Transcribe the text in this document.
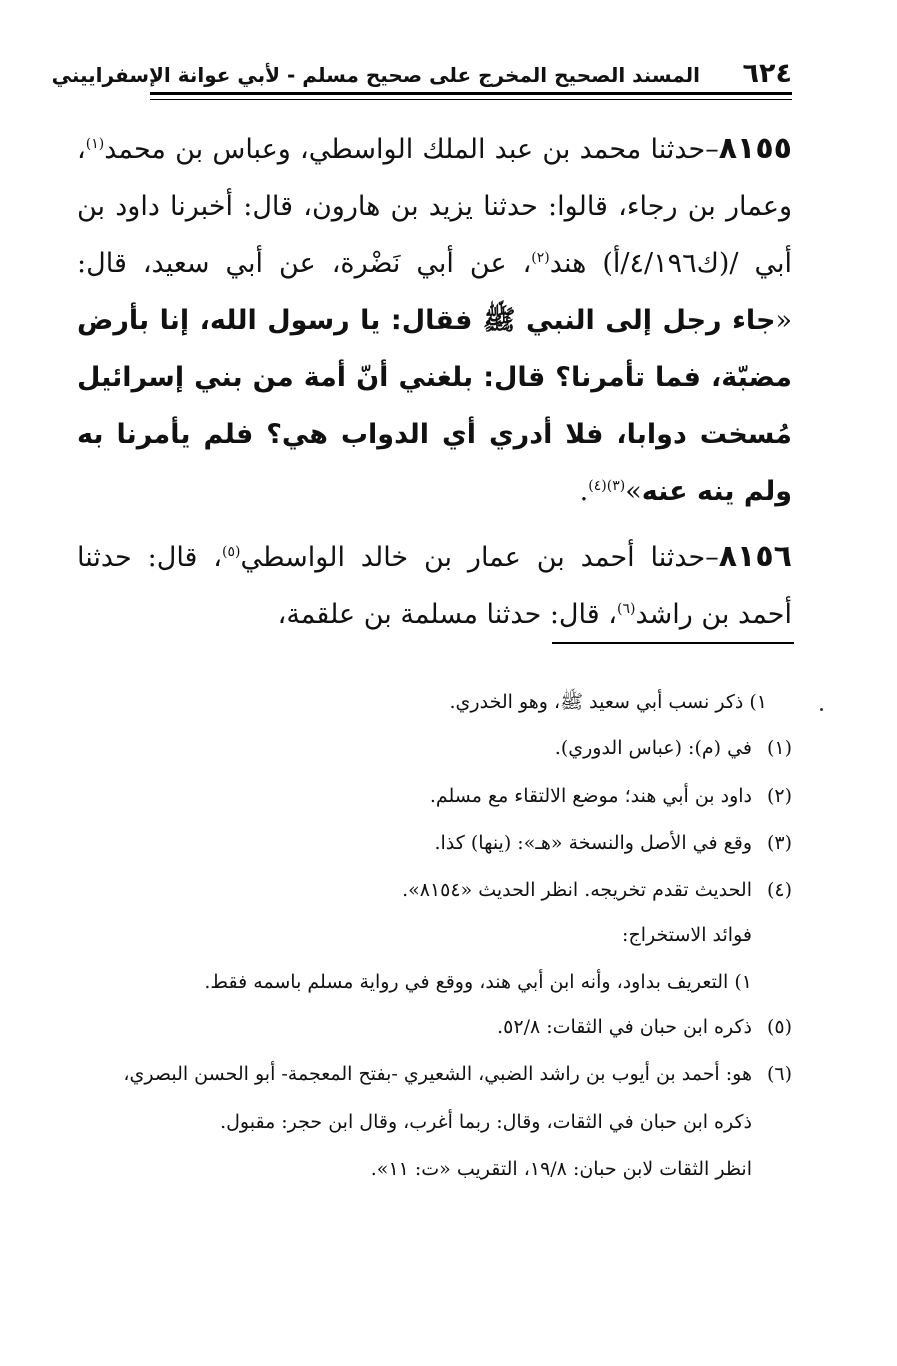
٦٢٤
المسند الصحيح المخرج على صحيح مسلم - لأبي عوانة الإسفراييني

٨١٥٥–حدثنا محمد بن عبد الملك الواسطي، وعباس بن محمد$^{(١)}$، وعمار بن رجاء، قالوا: حدثنا يزيد بن هارون، قال: أخبرنا داود بن أبي /(ك٤/١٩٦/أ) هند$^{(٢)}$، عن أبي نَضْرة، عن أبي سعيد، قال: «جاء رجل إلى النبي ﷺ فقال: يا رسول الله، إنا بأرض مضبّة، فما تأمرنا؟ قال: بلغني أنّ أمة من بني إسرائيل مُسخت دوابا، فلا أدري أي الدواب هي؟ فلم يأمرنا به ولم ينه عنه»$^{(٣)(٤)}$.

٨١٥٦–حدثنا أحمد بن عمار بن خالد الواسطي$^{(٥)}$، قال: حدثنا أحمد بن راشد$^{(٦)}$، قال: حدثنا مسلمة بن علقمة،

١) ذكر نسب أبي سعيد ﷺ، وهو الخدري.
(١)في (م): (عباس الدوري).
(٢)داود بن أبي هند؛ موضع الالتقاء مع مسلم.
(٣)وقع في الأصل والنسخة «هـ»: (ينها) كذا.
(٤)الحديث تقدم تخريجه. انظر الحديث «٨١٥٤».
فوائد الاستخراج:
١) التعريف بداود، وأنه ابن أبي هند، ووقع في رواية مسلم باسمه فقط.
(٥)ذكره ابن حبان في الثقات: ٥٢/٨.
(٦)هو: أحمد بن أيوب بن راشد الضبي، الشعيري -بفتح المعجمة- أبو الحسن البصري،
ذكره ابن حبان في الثقات، وقال: ربما أغرب، وقال ابن حجر: مقبول.
انظر الثقات لابن حبان: ١٩/٨، التقريب «ت: ١١».
